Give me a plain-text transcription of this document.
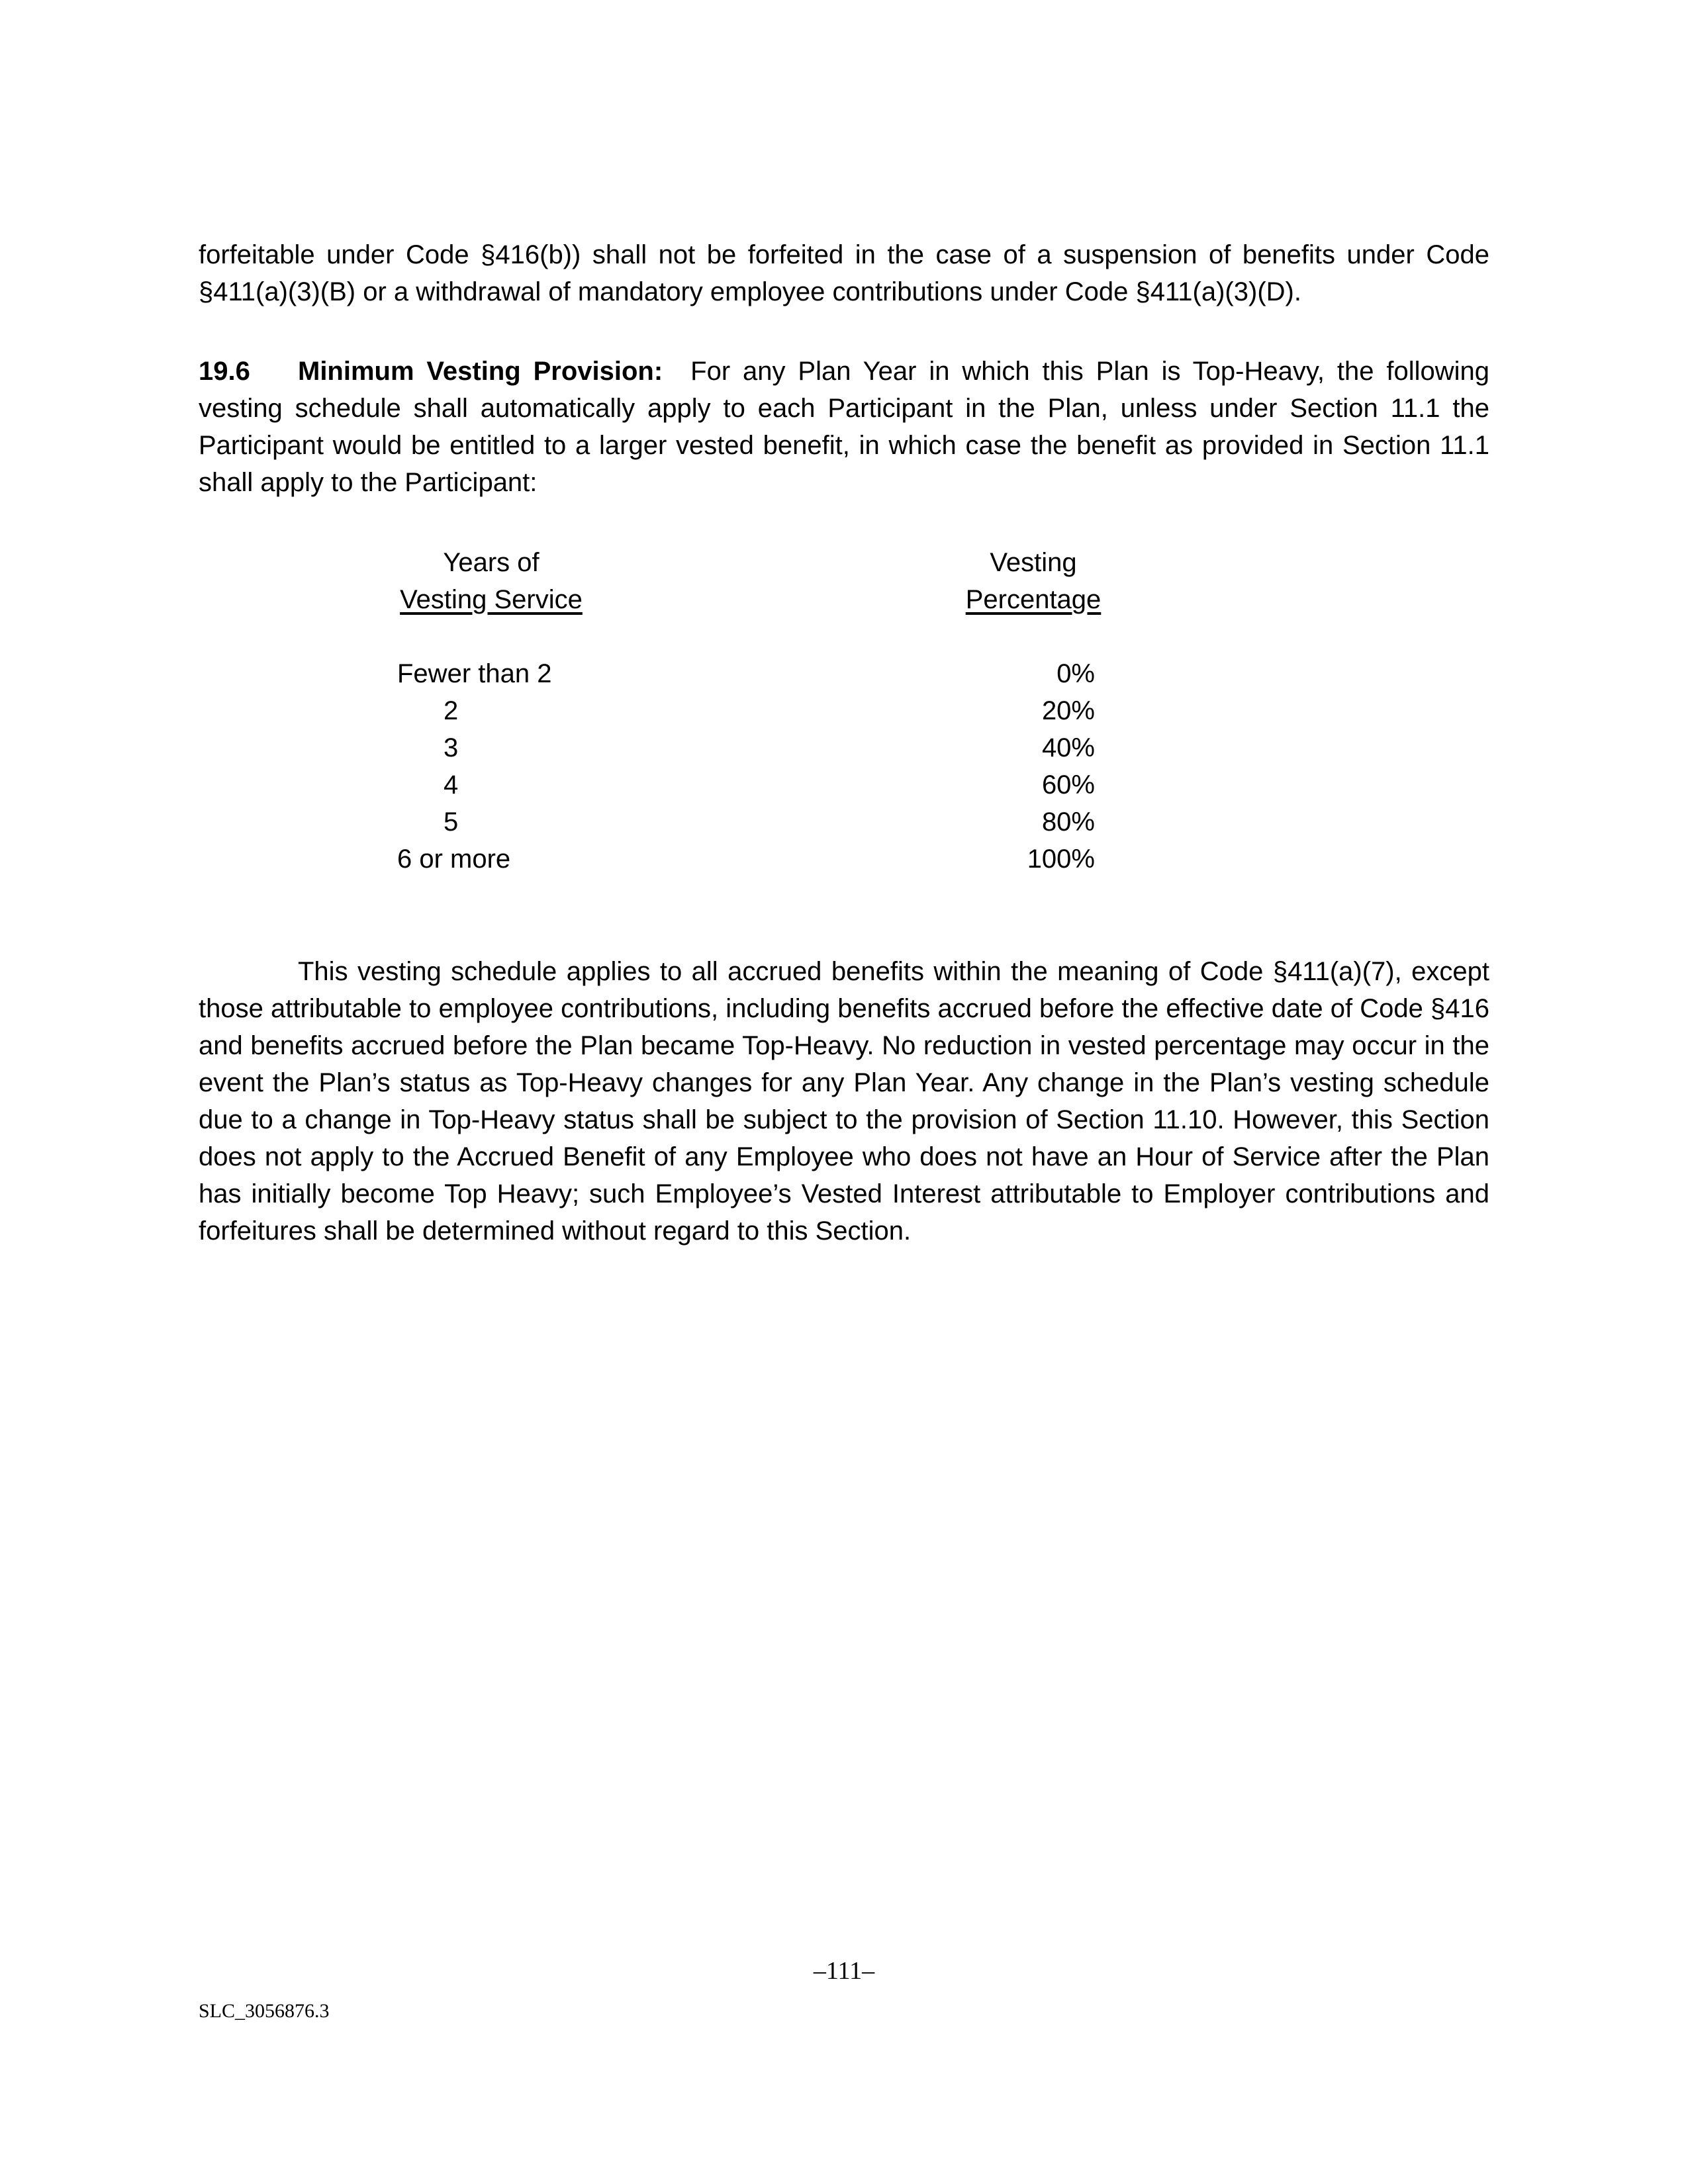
forfeitable under Code §416(b)) shall not be forfeited in the case of a suspension of benefits under Code §411(a)(3)(B) or a withdrawal of mandatory employee contributions under Code §411(a)(3)(D).

19.6 Minimum Vesting Provision: For any Plan Year in which this Plan is Top-Heavy, the following vesting schedule shall automatically apply to each Participant in the Plan, unless under Section 11.1 the Participant would be entitled to a larger vested benefit, in which case the benefit as provided in Section 11.1 shall apply to the Participant:

Years of	Vesting
Vesting Service	Percentage
Fewer than 2	0%
2	20%
3	40%
4	60%
5	80%
6 or more	100%

This vesting schedule applies to all accrued benefits within the meaning of Code §411(a)(7), except those attributable to employee contributions, including benefits accrued before the effective date of Code §416 and benefits accrued before the Plan became Top-Heavy. No reduction in vested percentage may occur in the event the Plan’s status as Top-Heavy changes for any Plan Year. Any change in the Plan’s vesting schedule due to a change in Top-Heavy status shall be subject to the provision of Section 11.10. However, this Section does not apply to the Accrued Benefit of any Employee who does not have an Hour of Service after the Plan has initially become Top Heavy; such Employee’s Vested Interest attributable to Employer contributions and forfeitures shall be determined without regard to this Section.

–111–
SLC_3056876.3
